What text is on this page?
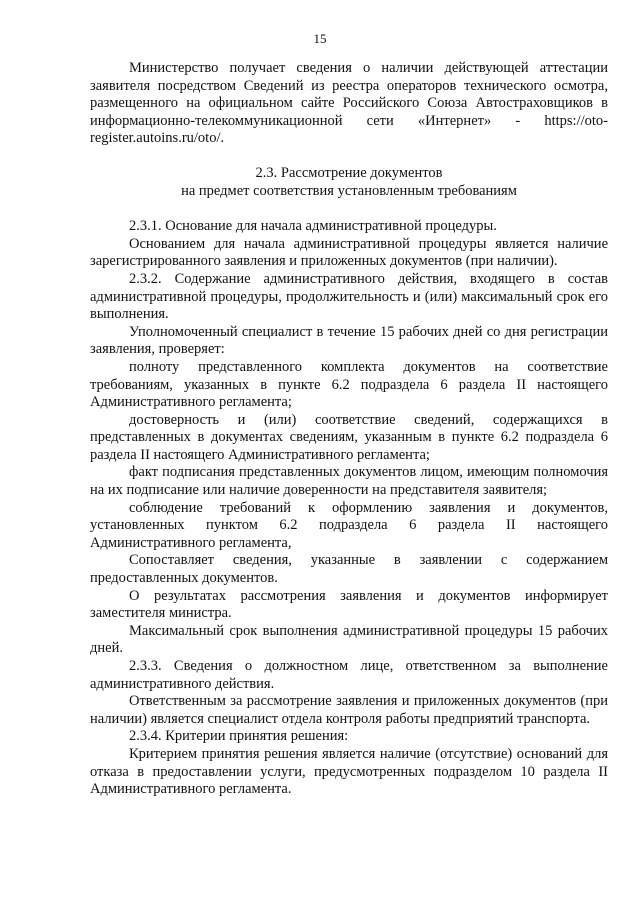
15

Министерство получает сведения о наличии действующей аттестации заявителя посредством Сведений из реестра операторов технического осмотра, размещенного на официальном сайте Российского Союза Автостраховщиков в информационно-телекоммуникационной сети «Интернет» - https://oto-register.autoins.ru/oto/.

2.3. Рассмотрение документов
на предмет соответствия установленным требованиям

2.3.1. Основание для начала административной процедуры.

Основанием для начала административной процедуры является наличие зарегистрированного заявления и приложенных документов (при наличии).

2.3.2. Содержание административного действия, входящего в состав административной процедуры, продолжительность и (или) максимальный срок его выполнения.

Уполномоченный специалист в течение 15 рабочих дней со дня регистрации заявления, проверяет:

полноту представленного комплекта документов на соответствие требованиям, указанных в пункте 6.2 подраздела 6 раздела II настоящего Административного регламента;

достоверность и (или) соответствие сведений, содержащихся в представленных в документах сведениям, указанным в пункте 6.2 подраздела 6 раздела II настоящего Административного регламента;

факт подписания представленных документов лицом, имеющим полномочия на их подписание или наличие доверенности на представителя заявителя;

соблюдение требований к оформлению заявления и документов, установленных пунктом 6.2 подраздела 6 раздела II настоящего Административного регламента,

Сопоставляет сведения, указанные в заявлении с содержанием предоставленных документов.

О результатах рассмотрения заявления и документов информирует заместителя министра.

Максимальный срок выполнения административной процедуры 15 рабочих дней.

2.3.3. Сведения о должностном лице, ответственном за выполнение административного действия.

Ответственным за рассмотрение заявления и приложенных документов (при наличии) является специалист отдела контроля работы предприятий транспорта.

2.3.4. Критерии принятия решения:

Критерием принятия решения является наличие (отсутствие) оснований для отказа в предоставлении услуги, предусмотренных подразделом 10 раздела II Административного регламента.
